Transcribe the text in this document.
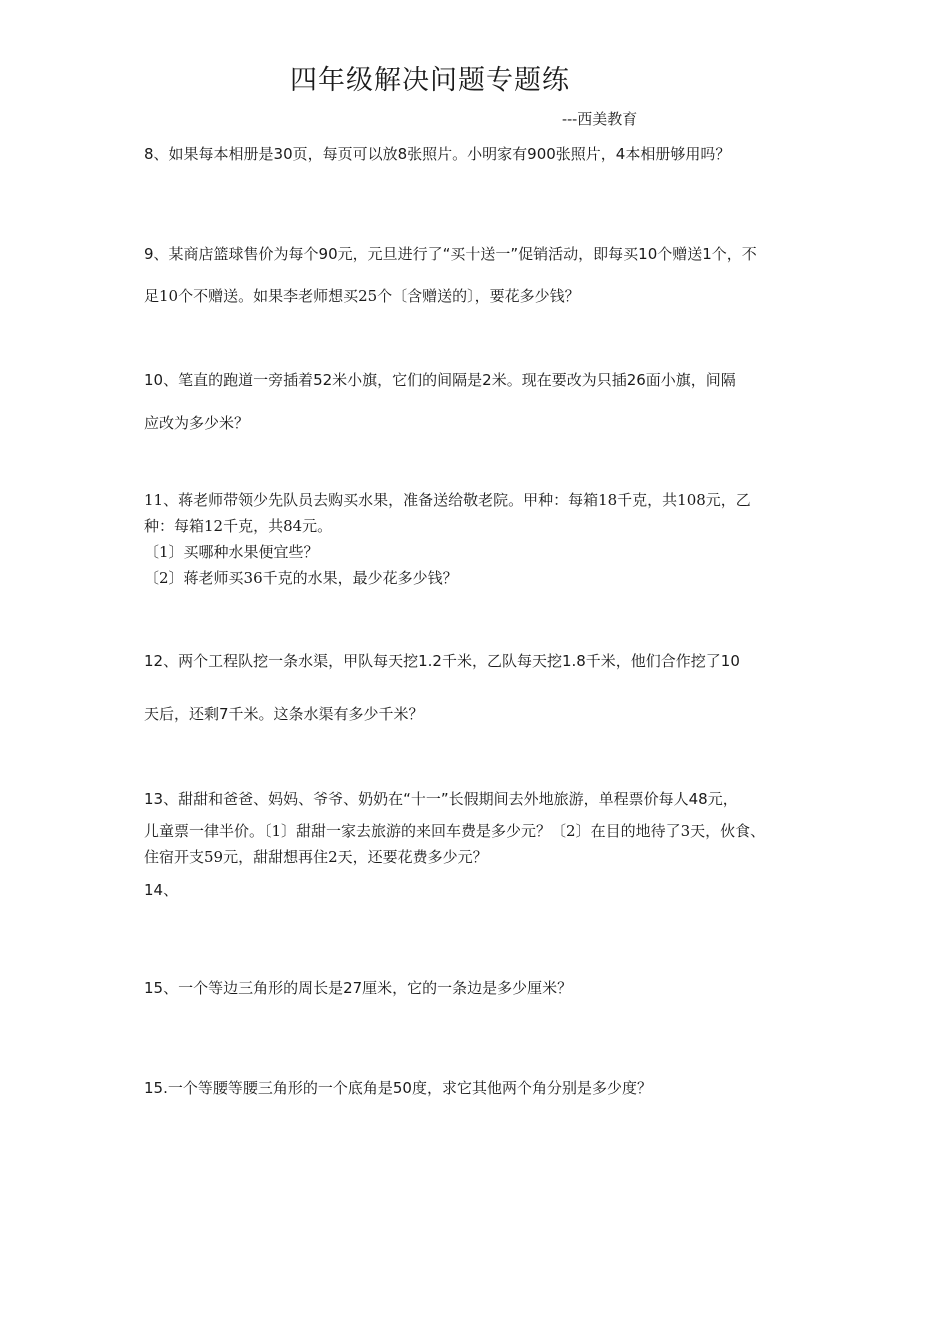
四年级解决问题专题练
---西美教育
8、如果每本相册是30页，每页可以放8张照片。小明家有900张照片，4本相册够用吗？
9、某商店篮球售价为每个90元，元旦进行了“买十送一”促销活动，即每买10个赠送1个，不
足10个不赠送。如果李老师想买25个〔含赠送的〕，要花多少钱？
10、笔直的跑道一旁插着52米小旗，它们的间隔是2米。现在要改为只插26面小旗，间隔
应改为多少米？
11、蒋老师带领少先队员去购买水果，准备送给敬老院。甲种：每箱18千克，共108元，乙
种：每箱12千克，共84元。
〔1〕买哪种水果便宜些？
〔2〕蒋老师买36千克的水果，最少花多少钱？
12、两个工程队挖一条水渠，甲队每天挖1.2千米，乙队每天挖1.8千米，他们合作挖了10
天后，还剩7千米。这条水渠有多少千米？
13、甜甜和爸爸、妈妈、爷爷、奶奶在“十一”长假期间去外地旅游，单程票价每人48元，
儿童票一律半价。〔1〕甜甜一家去旅游的来回车费是多少元？〔2〕在目的地待了3天，伙食、
住宿开支59元，甜甜想再住2天，还要花费多少元？
14、
15、一个等边三角形的周长是27厘米，它的一条边是多少厘米？
15.一个等腰等腰三角形的一个底角是50度，求它其他两个角分别是多少度？
